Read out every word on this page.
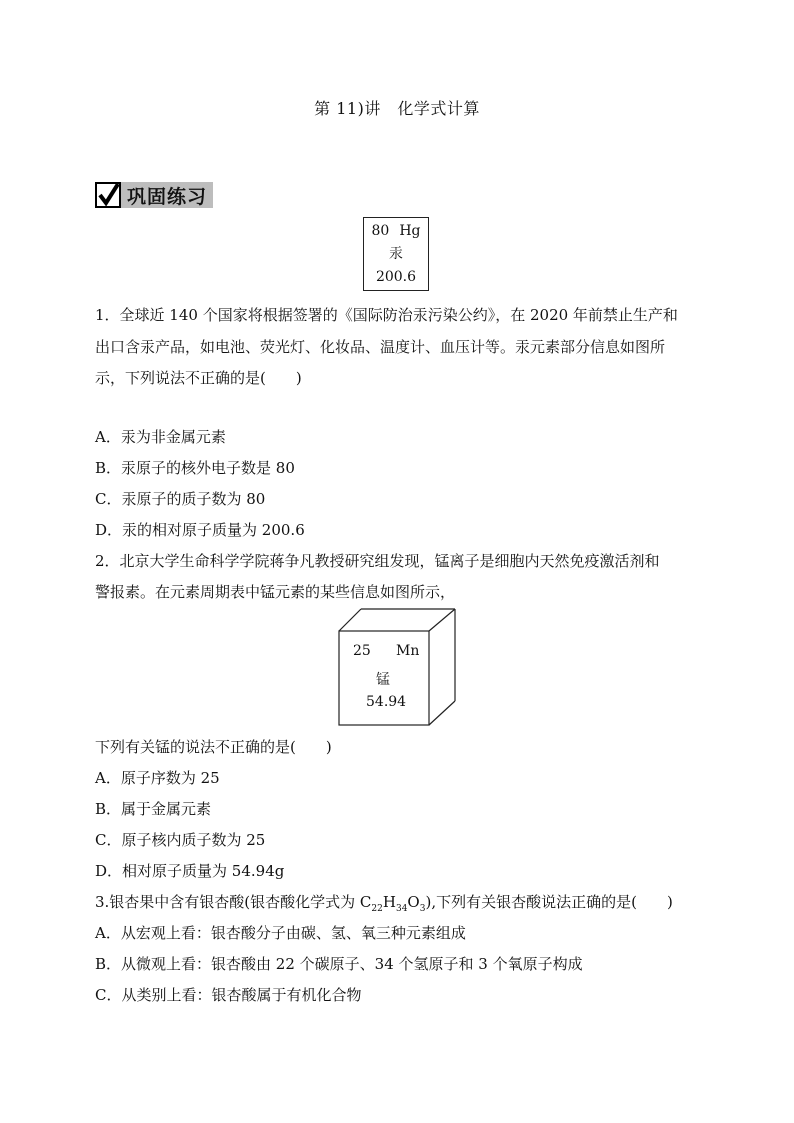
第 11)讲　化学式计算
巩固练习
80 Hg
汞
200.6
1．全球近 140 个国家将根据签署的《国际防治汞污染公约》，在 2020 年前禁止生产和
出口含汞产品，如电池、荧光灯、化妆品、温度计、血压计等。汞元素部分信息如图所
示，下列说法不正确的是(　　)
A．汞为非金属元素
B．汞原子的核外电子数是 80
C．汞原子的质子数为 80
D．汞的相对原子质量为 200.6
2．北京大学生命科学学院蒋争凡教授研究组发现，锰离子是细胞内天然免疫激活剂和
警报素。在元素周期表中锰元素的某些信息如图所示，
25 Mn
锰
54.94
下列有关锰的说法不正确的是(　　)
A．原子序数为 25
B．属于金属元素
C．原子核内质子数为 25
D．相对原子质量为 54.94g
3.银杏果中含有银杏酸(银杏酸化学式为 $C_{22}H_{34}O_3$),下列有关银杏酸说法正确的是(　　)
A．从宏观上看：银杏酸分子由碳、氢、氧三种元素组成
B．从微观上看：银杏酸由 22 个碳原子、34 个氢原子和 3 个氧原子构成
C．从类别上看：银杏酸属于有机化合物
